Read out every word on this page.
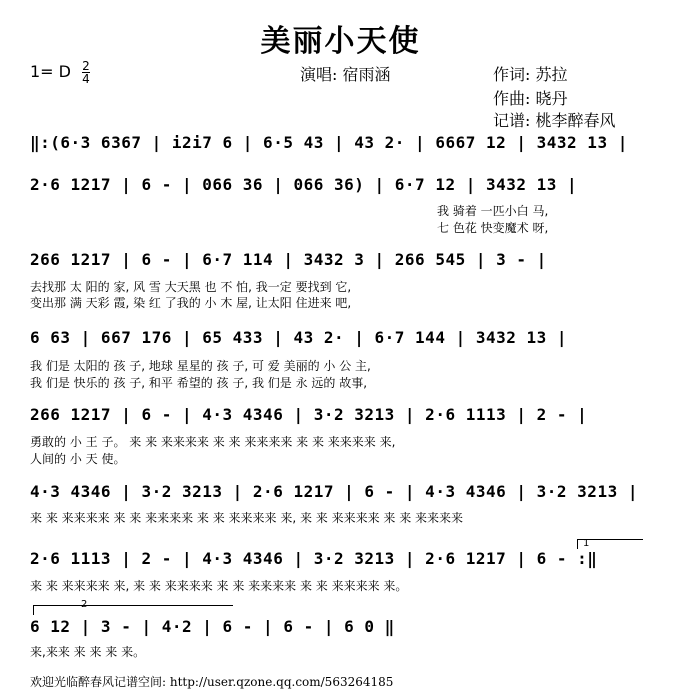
美丽小天使
1= D $\frac{2}{4}$	演唱: 宿雨涵	作词: 苏拉
作曲: 晓丹
记谱: 桃李醉春风
‖:(6·3 6367 | i2i7 6 | 6·5 43 | 43 2· | 6667 12 | 3432 13 |
2·6 1217 | 6 - | 066 36 | 066 36) | 6·7 12 | 3432 13 |
我 骑着 一匹小白 马,
七 色花 快变魔术 呀,
266 1217 | 6 - | 6·7 114 | 3432 3 | 266 545 | 3 - |
去找那 太 阳的 家, 风 雪 大天黑 也 不 怕, 我一定 要找到 它,
变出那 满 天彩 霞, 染 红 了我的 小 木 屋, 让太阳 住进来 吧,
6 63 | 667 176 | 65 433 | 43 2· | 6·7 144 | 3432 13 |
我 们是 太阳的 孩 子, 地球 星星的 孩 子, 可 爱 美丽的 小 公 主,
我 们是 快乐的 孩 子, 和平 希望的 孩 子, 我 们是 永 远的 故事,
266 1217 | 6 - | 4·3 4346 | 3·2 3213 | 2·6 1113 | 2 - |
勇敢的 小 王 子。 来 来 来来来来 来 来 来来来来 来 来 来来来来 来,
人间的 小 天 使。
4·3 4346 | 3·2 3213 | 2·6 1217 | 6 - | 4·3 4346 | 3·2 3213 |
来 来 来来来来 来 来 来来来来 来 来 来来来来 来, 来 来 来来来来 来 来 来来来来
1
2·6 1113 | 2 - | 4·3 4346 | 3·2 3213 | 2·6 1217 | 6 - :‖
来 来 来来来来 来, 来 来 来来来来 来 来 来来来来 来 来 来来来来 来。
2
6 12 | 3 - | 4·2 | 6 - | 6 - | 6 0 ‖
来,来来 来 来 来 来。
欢迎光临醉春风记谱空间: http://user.qzone.qq.com/563264185
